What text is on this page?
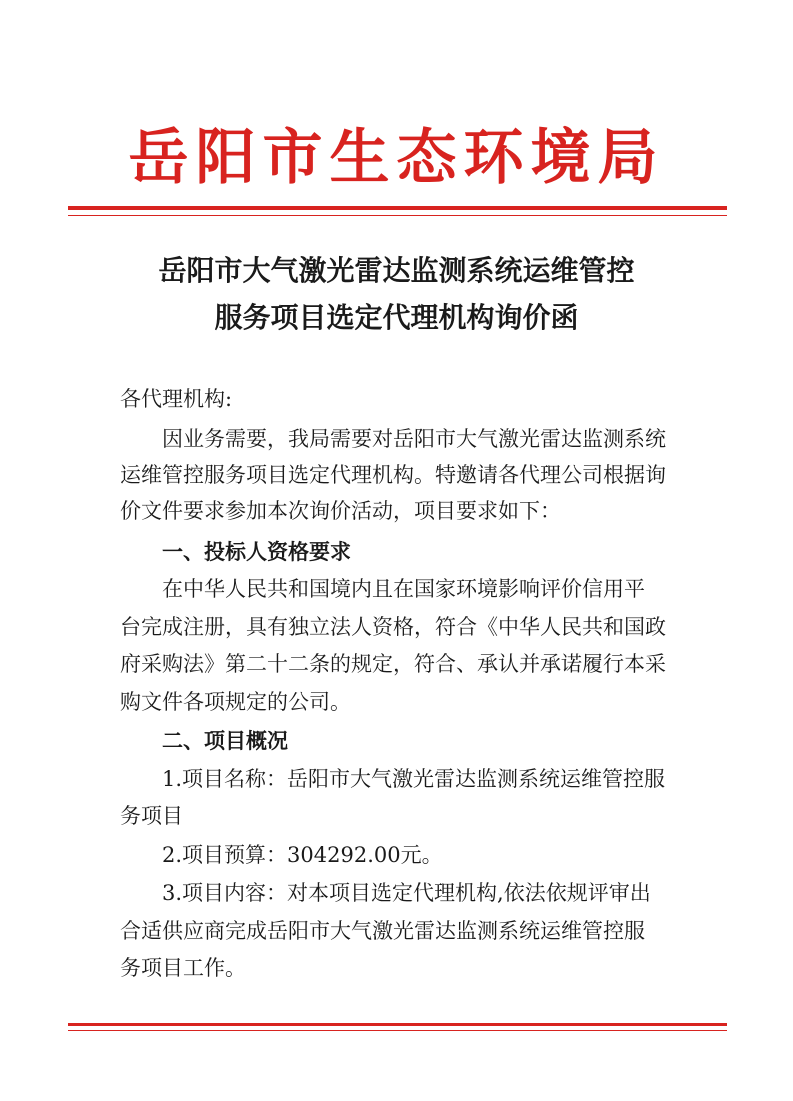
岳阳市生态环境局
岳阳市大气激光雷达监测系统运维管控
服务项目选定代理机构询价函
各代理机构:
因业务需要，我局需要对岳阳市大气激光雷达监测系统
运维管控服务项目选定代理机构。特邀请各代理公司根据询
价文件要求参加本次询价活动，项目要求如下：
一、投标人资格要求
在中华人民共和国境内且在国家环境影响评价信用平
台完成注册，具有独立法人资格，符合《中华人民共和国政
府采购法》第二十二条的规定，符合、承认并承诺履行本采
购文件各项规定的公司。
二、项目概况
1.项目名称：岳阳市大气激光雷达监测系统运维管控服
务项目
2.项目预算：304292.00元。
3.项目内容：对本项目选定代理机构,依法依规评审出
合适供应商完成岳阳市大气激光雷达监测系统运维管控服
务项目工作。
